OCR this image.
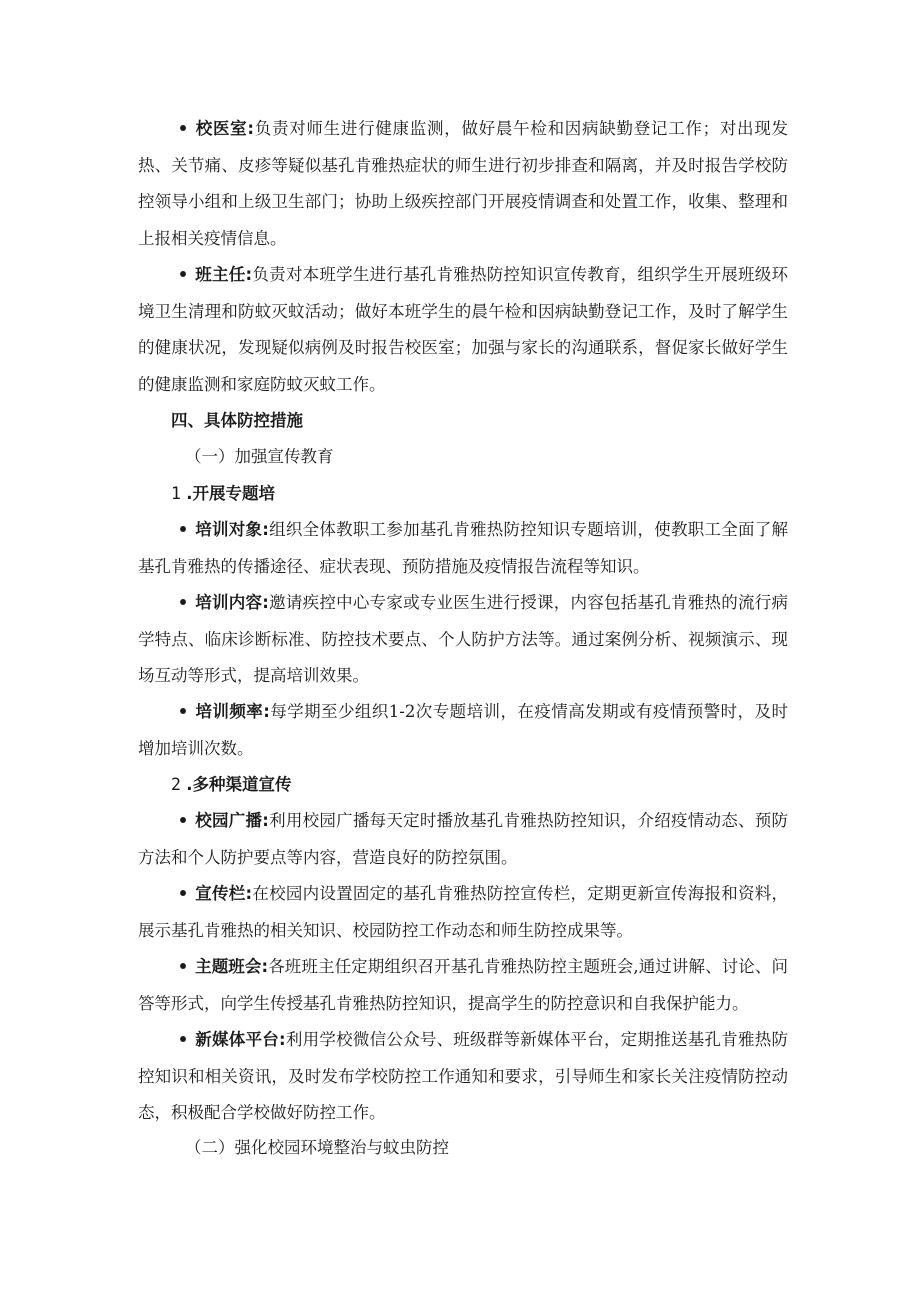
• 校医室:负责对师生进行健康监测，做好晨午检和因病缺勤登记工作；对出现发热、关节痛、皮疹等疑似基孔肯雅热症状的师生进行初步排查和隔离，并及时报告学校防控领导小组和上级卫生部门；协助上级疾控部门开展疫情调查和处置工作，收集、整理和上报相关疫情信息。

• 班主任:负责对本班学生进行基孔肯雅热防控知识宣传教育，组织学生开展班级环境卫生清理和防蚊灭蚊活动；做好本班学生的晨午检和因病缺勤登记工作，及时了解学生的健康状况，发现疑似病例及时报告校医室；加强与家长的沟通联系，督促家长做好学生的健康监测和家庭防蚊灭蚊工作。

四、具体防控措施

（一）加强宣传教育

1 .开展专题培

• 培训对象:组织全体教职工参加基孔肯雅热防控知识专题培训，使教职工全面了解基孔肯雅热的传播途径、症状表现、预防措施及疫情报告流程等知识。

• 培训内容:邀请疾控中心专家或专业医生进行授课，内容包括基孔肯雅热的流行病学特点、临床诊断标准、防控技术要点、个人防护方法等。通过案例分析、视频演示、现场互动等形式，提高培训效果。

• 培训频率:每学期至少组织1-2次专题培训，在疫情高发期或有疫情预警时，及时增加培训次数。

2 .多种渠道宣传

• 校园广播:利用校园广播每天定时播放基孔肯雅热防控知识，介绍疫情动态、预防方法和个人防护要点等内容，营造良好的防控氛围。

• 宣传栏:在校园内设置固定的基孔肯雅热防控宣传栏，定期更新宣传海报和资料，展示基孔肯雅热的相关知识、校园防控工作动态和师生防控成果等。

• 主题班会:各班班主任定期组织召开基孔肯雅热防控主题班会,通过讲解、讨论、问答等形式，向学生传授基孔肯雅热防控知识，提高学生的防控意识和自我保护能力。

• 新媒体平台:利用学校微信公众号、班级群等新媒体平台，定期推送基孔肯雅热防控知识和相关资讯，及时发布学校防控工作通知和要求，引导师生和家长关注疫情防控动态，积极配合学校做好防控工作。

（二）强化校园环境整治与蚊虫防控
